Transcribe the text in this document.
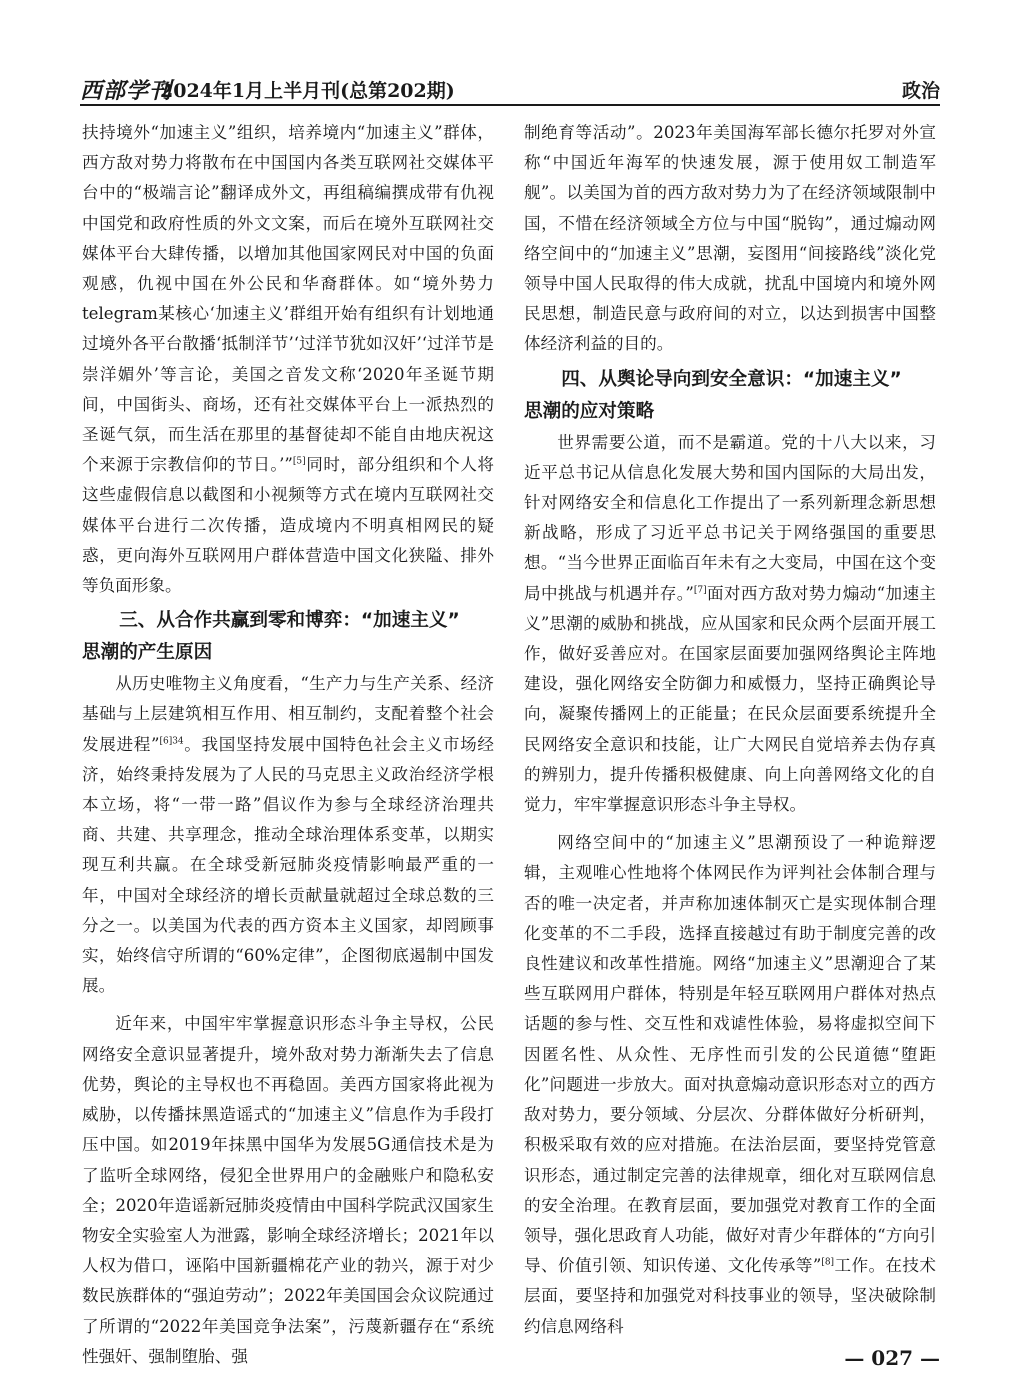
西部学刊
2024年1月上半月刊(总第202期)	政治

扶持境外“加速主义”组织，培养境内“加速主义”群体，西方敌对势力将散布在中国国内各类互联网社交媒体平台中的“极端言论”翻译成外文，再组稿编撰成带有仇视中国党和政府性质的外文文案，而后在境外互联网社交媒体平台大肆传播，以增加其他国家网民对中国的负面观感，仇视中国在外公民和华裔群体。如“境外势力telegram某核心‘加速主义’群组开始有组织有计划地通过境外各平台散播‘抵制洋节’‘过洋节犹如汉奸’‘过洋节是崇洋媚外’等言论，美国之音发文称‘2020年圣诞节期间，中国街头、商场，还有社交媒体平台上一派热烈的圣诞气氛，而生活在那里的基督徒却不能自由地庆祝这个来源于宗教信仰的节日。’”[5]同时，部分组织和个人将这些虚假信息以截图和小视频等方式在境内互联网社交媒体平台进行二次传播，造成境内不明真相网民的疑惑，更向海外互联网用户群体营造中国文化狭隘、排外等负面形象。

三、从合作共赢到零和博弈：“加速主义”
思潮的产生原因

从历史唯物主义角度看，“生产力与生产关系、经济基础与上层建筑相互作用、相互制约，支配着整个社会发展进程”$^{[6]34}$。我国坚持发展中国特色社会主义市场经济，始终秉持发展为了人民的马克思主义政治经济学根本立场，将“一带一路”倡议作为参与全球经济治理共商、共建、共享理念，推动全球治理体系变革，以期实现互利共赢。在全球受新冠肺炎疫情影响最严重的一年，中国对全球经济的增长贡献量就超过全球总数的三分之一。以美国为代表的西方资本主义国家，却罔顾事实，始终信守所谓的“60%定律”，企图彻底遏制中国发展。

近年来，中国牢牢掌握意识形态斗争主导权，公民网络安全意识显著提升，境外敌对势力渐渐失去了信息优势，舆论的主导权也不再稳固。美西方国家将此视为威胁，以传播抹黑造谣式的“加速主义”信息作为手段打压中国。如2019年抹黑中国华为发展5G通信技术是为了监听全球网络，侵犯全世界用户的金融账户和隐私安全；2020年造谣新冠肺炎疫情由中国科学院武汉国家生物安全实验室人为泄露，影响全球经济增长；2021年以人权为借口，诬陷中国新疆棉花产业的勃兴，源于对少数民族群体的“强迫劳动”；2022年美国国会众议院通过了所谓的“2022年美国竞争法案”，污蔑新疆存在“系统性强奸、强制堕胎、强

制绝育等活动”。2023年美国海军部长德尔托罗对外宣称“中国近年海军的快速发展，源于使用奴工制造军舰”。以美国为首的西方敌对势力为了在经济领域限制中国，不惜在经济领域全方位与中国“脱钩”，通过煽动网络空间中的“加速主义”思潮，妄图用“间接路线”淡化党领导中国人民取得的伟大成就，扰乱中国境内和境外网民思想，制造民意与政府间的对立，以达到损害中国整体经济利益的目的。

四、从舆论导向到安全意识：“加速主义”
思潮的应对策略

世界需要公道，而不是霸道。党的十八大以来，习近平总书记从信息化发展大势和国内国际的大局出发，针对网络安全和信息化工作提出了一系列新理念新思想新战略，形成了习近平总书记关于网络强国的重要思想。“当今世界正面临百年未有之大变局，中国在这个变局中挑战与机遇并存。”[7]面对西方敌对势力煽动“加速主义”思潮的威胁和挑战，应从国家和民众两个层面开展工作，做好妥善应对。在国家层面要加强网络舆论主阵地建设，强化网络安全防御力和威慑力，坚持正确舆论导向，凝聚传播网上的正能量；在民众层面要系统提升全民网络安全意识和技能，让广大网民自觉培养去伪存真的辨别力，提升传播积极健康、向上向善网络文化的自觉力，牢牢掌握意识形态斗争主导权。

网络空间中的“加速主义”思潮预设了一种诡辩逻辑，主观唯心性地将个体网民作为评判社会体制合理与否的唯一决定者，并声称加速体制灭亡是实现体制合理化变革的不二手段，选择直接越过有助于制度完善的改良性建议和改革性措施。网络“加速主义”思潮迎合了某些互联网用户群体，特别是年轻互联网用户群体对热点话题的参与性、交互性和戏谑性体验，易将虚拟空间下因匿名性、从众性、无序性而引发的公民道德“堕距化”问题进一步放大。面对执意煽动意识形态对立的西方敌对势力，要分领域、分层次、分群体做好分析研判，积极采取有效的应对措施。在法治层面，要坚持党管意识形态，通过制定完善的法律规章，细化对互联网信息的安全治理。在教育层面，要加强党对教育工作的全面领导，强化思政育人功能，做好对青少年群体的“方向引导、价值引领、知识传递、文化传承等”[8]工作。在技术层面，要坚持和加强党对科技事业的领导，坚决破除制约信息网络科

— 027 —
